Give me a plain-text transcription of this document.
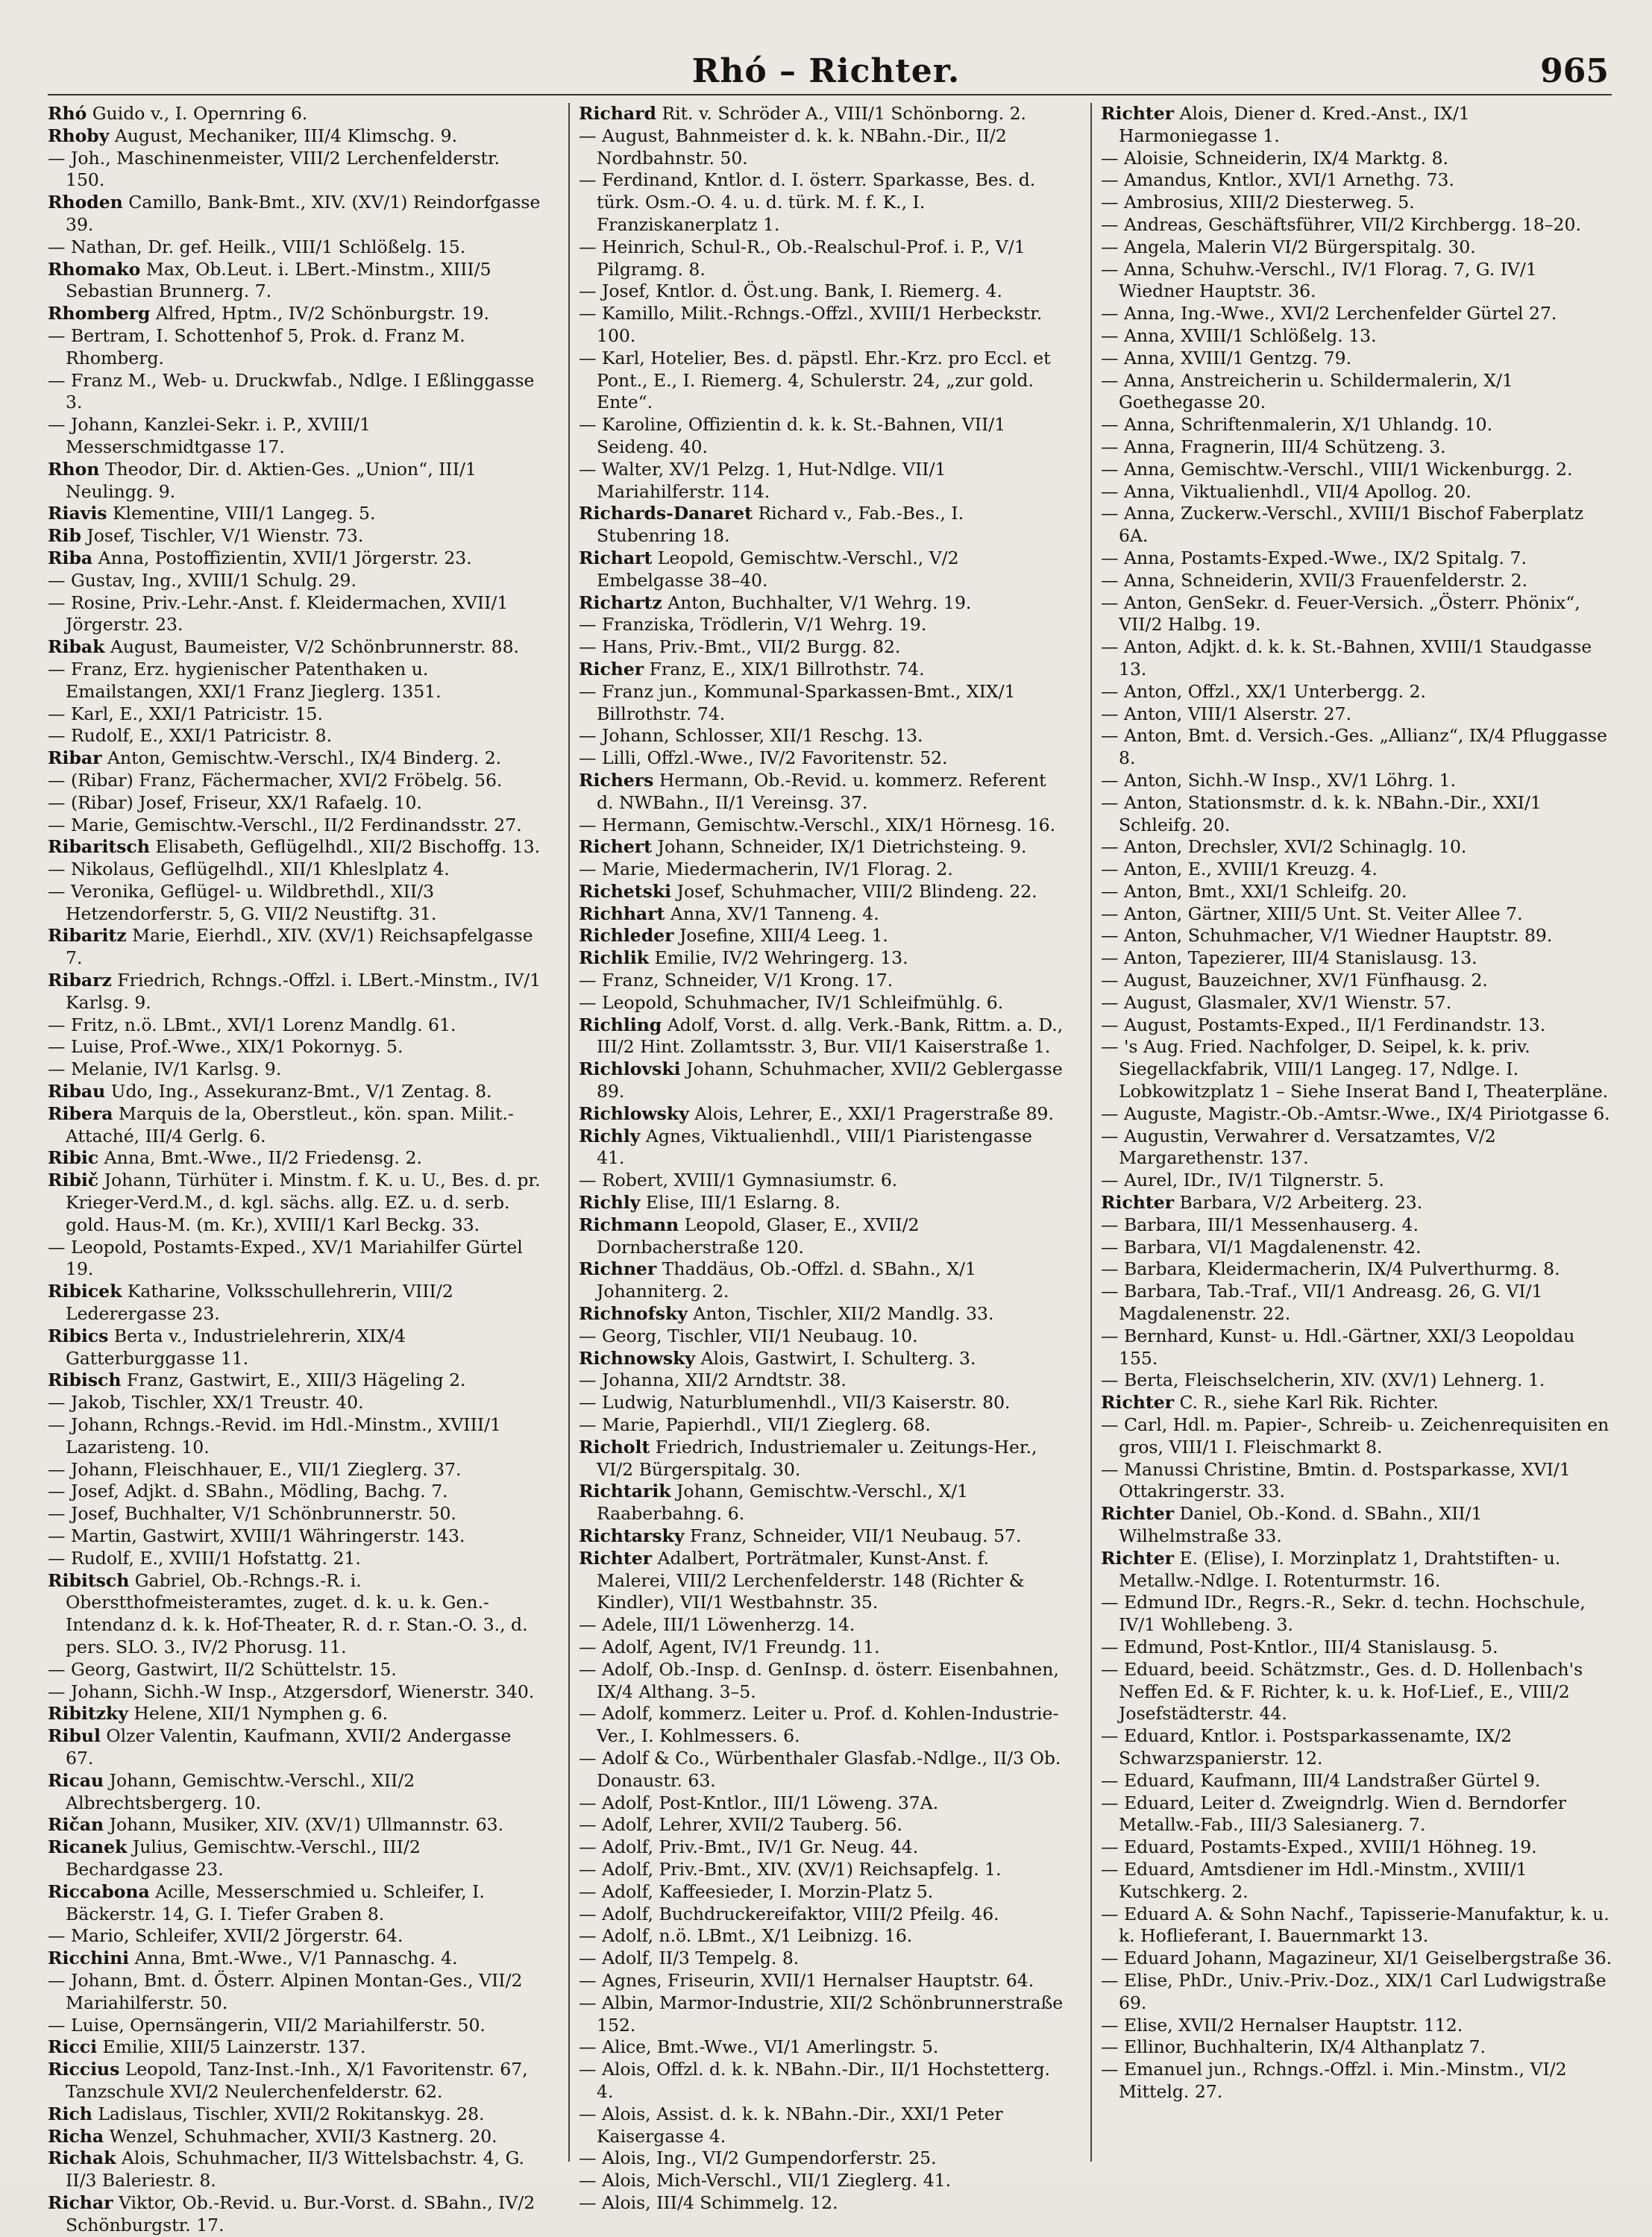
Rhó – Richter.	965

Rhó Guido v., I. Opernring 6.

Rhoby August, Mechaniker, III/4 Klimschg. 9.

— Joh., Maschinenmeister, VIII/2 Lerchenfelderstr. 150.

Rhoden Camillo, Bank-Bmt., XIV. (XV/1) Reindorfgasse 39.

— Nathan, Dr. gef. Heilk., VIII/1 Schlößelg. 15.

Rhomako Max, Ob.Leut. i. LBert.-Minstm., XIII/5 Sebastian Brunnerg. 7.

Rhomberg Alfred, Hptm., IV/2 Schönburgstr. 19.

— Bertram, I. Schottenhof 5, Prok. d. Franz M. Rhomberg.

— Franz M., Web- u. Druckwfab., Ndlge. I Eßlinggasse 3.

— Johann, Kanzlei-Sekr. i. P., XVIII/1 Messerschmidtgasse 17.

Rhon Theodor, Dir. d. Aktien-Ges. „Union“, III/1 Neulingg. 9.

Riavis Klementine, VIII/1 Langeg. 5.

Rib Josef, Tischler, V/1 Wienstr. 73.

Riba Anna, Postoffizientin, XVII/1 Jörgerstr. 23.

— Gustav, Ing., XVIII/1 Schulg. 29.

— Rosine, Priv.-Lehr.-Anst. f. Kleidermachen, XVII/1 Jörgerstr. 23.

Ribak August, Baumeister, V/2 Schönbrunnerstr. 88.

— Franz, Erz. hygienischer Patenthaken u. Emailstangen, XXI/1 Franz Jieglerg. 1351.

— Karl, E., XXI/1 Patricistr. 15.

— Rudolf, E., XXI/1 Patricistr. 8.

Ribar Anton, Gemischtw.-Verschl., IX/4 Binderg. 2.

— (Ribar) Franz, Fächermacher, XVI/2 Fröbelg. 56.

— (Ribar) Josef, Friseur, XX/1 Rafaelg. 10.

— Marie, Gemischtw.-Verschl., II/2 Ferdinandsstr. 27.

Ribaritsch Elisabeth, Geflügelhdl., XII/2 Bischoffg. 13.

— Nikolaus, Geflügelhdl., XII/1 Khleslplatz 4.

— Veronika, Geflügel- u. Wildbrethdl., XII/3 Hetzendorferstr. 5, G. VII/2 Neustiftg. 31.

Ribaritz Marie, Eierhdl., XIV. (XV/1) Reichsapfelgasse 7.

Ribarz Friedrich, Rchngs.-Offzl. i. LBert.-Minstm., IV/1 Karlsg. 9.

— Fritz, n.ö. LBmt., XVI/1 Lorenz Mandlg. 61.

— Luise, Prof.-Wwe., XIX/1 Pokornyg. 5.

— Melanie, IV/1 Karlsg. 9.

Ribau Udo, Ing., Assekuranz-Bmt., V/1 Zentag. 8.

Ribera Marquis de la, Oberstleut., kön. span. Milit.-Attaché, III/4 Gerlg. 6.

Ribic Anna, Bmt.-Wwe., II/2 Friedensg. 2.

Ribič Johann, Türhüter i. Minstm. f. K. u. U., Bes. d. pr. Krieger-Verd.M., d. kgl. sächs. allg. EZ. u. d. serb. gold. Haus-M. (m. Kr.), XVIII/1 Karl Beckg. 33.

— Leopold, Postamts-Exped., XV/1 Mariahilfer Gürtel 19.

Ribicek Katharine, Volksschullehrerin, VIII/2 Lederergasse 23.

Ribics Berta v., Industrielehrerin, XIX/4 Gatterburggasse 11.

Ribisch Franz, Gastwirt, E., XIII/3 Hägeling 2.

— Jakob, Tischler, XX/1 Treustr. 40.

— Johann, Rchngs.-Revid. im Hdl.-Minstm., XVIII/1 Lazaristeng. 10.

— Johann, Fleischhauer, E., VII/1 Zieglerg. 37.

— Josef, Adjkt. d. SBahn., Mödling, Bachg. 7.

— Josef, Buchhalter, V/1 Schönbrunnerstr. 50.

— Martin, Gastwirt, XVIII/1 Währingerstr. 143.

— Rudolf, E., XVIII/1 Hofstattg. 21.

Ribitsch Gabriel, Ob.-Rchngs.-R. i. Oberstthofmeisteramtes, zuget. d. k. u. k. Gen.-Intendanz d. k. k. Hof-Theater, R. d. r. Stan.-O. 3., d. pers. SLO. 3., IV/2 Phorusg. 11.

— Georg, Gastwirt, II/2 Schüttelstr. 15.

— Johann, Sichh.-W Insp., Atzgersdorf, Wienerstr. 340.

Ribitzky Helene, XII/1 Nymphen g. 6.

Ribul Olzer Valentin, Kaufmann, XVII/2 Andergasse 67.

Ricau Johann, Gemischtw.-Verschl., XII/2 Albrechtsbergerg. 10.

Ričan Johann, Musiker, XIV. (XV/1) Ullmannstr. 63.

Ricanek Julius, Gemischtw.-Verschl., III/2 Bechardgasse 23.

Riccabona Acille, Messerschmied u. Schleifer, I. Bäckerstr. 14, G. I. Tiefer Graben 8.

— Mario, Schleifer, XVII/2 Jörgerstr. 64.

Ricchini Anna, Bmt.-Wwe., V/1 Pannaschg. 4.

— Johann, Bmt. d. Österr. Alpinen Montan-Ges., VII/2 Mariahilferstr. 50.

— Luise, Opernsängerin, VII/2 Mariahilferstr. 50.

Ricci Emilie, XIII/5 Lainzerstr. 137.

Riccius Leopold, Tanz-Inst.-Inh., X/1 Favoritenstr. 67, Tanzschule XVI/2 Neulerchenfelderstr. 62.

Rich Ladislaus, Tischler, XVII/2 Rokitanskyg. 28.

Richa Wenzel, Schuhmacher, XVII/3 Kastnerg. 20.

Richak Alois, Schuhmacher, II/3 Wittelsbachstr. 4, G. II/3 Baleriestr. 8.

Richar Viktor, Ob.-Revid. u. Bur.-Vorst. d. SBahn., IV/2 Schönburgstr. 17.

Richard Rit. v. Schröder A., VIII/1 Schönborng. 2.

— August, Bahnmeister d. k. k. NBahn.-Dir., II/2 Nordbahnstr. 50.

— Ferdinand, Kntlor. d. I. österr. Sparkasse, Bes. d. türk. Osm.-O. 4. u. d. türk. M. f. K., I. Franziskanerplatz 1.

— Heinrich, Schul-R., Ob.-Realschul-Prof. i. P., V/1 Pilgramg. 8.

— Josef, Kntlor. d. Öst.ung. Bank, I. Riemerg. 4.

— Kamillo, Milit.-Rchngs.-Offzl., XVIII/1 Herbeckstr. 100.

— Karl, Hotelier, Bes. d. päpstl. Ehr.-Krz. pro Eccl. et Pont., E., I. Riemerg. 4, Schulerstr. 24, „zur gold. Ente“.

— Karoline, Offizientin d. k. k. St.-Bahnen, VII/1 Seideng. 40.

— Walter, XV/1 Pelzg. 1, Hut-Ndlge. VII/1 Mariahilferstr. 114.

Richards-Danaret Richard v., Fab.-Bes., I. Stubenring 18.

Richart Leopold, Gemischtw.-Verschl., V/2 Embelgasse 38–40.

Richartz Anton, Buchhalter, V/1 Wehrg. 19.

— Franziska, Trödlerin, V/1 Wehrg. 19.

— Hans, Priv.-Bmt., VII/2 Burgg. 82.

Richer Franz, E., XIX/1 Billrothstr. 74.

— Franz jun., Kommunal-Sparkassen-Bmt., XIX/1 Billrothstr. 74.

— Johann, Schlosser, XII/1 Reschg. 13.

— Lilli, Offzl.-Wwe., IV/2 Favoritenstr. 52.

Richers Hermann, Ob.-Revid. u. kommerz. Referent d. NWBahn., II/1 Vereinsg. 37.

— Hermann, Gemischtw.-Verschl., XIX/1 Hörnesg. 16.

Richert Johann, Schneider, IX/1 Dietrichsteing. 9.

— Marie, Miedermacherin, IV/1 Florag. 2.

Richetski Josef, Schuhmacher, VIII/2 Blindeng. 22.

Richhart Anna, XV/1 Tanneng. 4.

Richleder Josefine, XIII/4 Leeg. 1.

Richlik Emilie, IV/2 Wehringerg. 13.

— Franz, Schneider, V/1 Krong. 17.

— Leopold, Schuhmacher, IV/1 Schleifmühlg. 6.

Richling Adolf, Vorst. d. allg. Verk.-Bank, Rittm. a. D., III/2 Hint. Zollamtsstr. 3, Bur. VII/1 Kaiserstraße 1.

Richlovski Johann, Schuhmacher, XVII/2 Geblergasse 89.

Richlowsky Alois, Lehrer, E., XXI/1 Pragerstraße 89.

Richly Agnes, Viktualienhdl., VIII/1 Piaristengasse 41.

— Robert, XVIII/1 Gymnasiumstr. 6.

Richly Elise, III/1 Eslarng. 8.

Richmann Leopold, Glaser, E., XVII/2 Dornbacherstraße 120.

Richner Thaddäus, Ob.-Offzl. d. SBahn., X/1 Johanniterg. 2.

Richnofsky Anton, Tischler, XII/2 Mandlg. 33.

— Georg, Tischler, VII/1 Neubaug. 10.

Richnowsky Alois, Gastwirt, I. Schulterg. 3.

— Johanna, XII/2 Arndtstr. 38.

— Ludwig, Naturblumenhdl., VII/3 Kaiserstr. 80.

— Marie, Papierhdl., VII/1 Zieglerg. 68.

Richolt Friedrich, Industriemaler u. Zeitungs-Her., VI/2 Bürgerspitalg. 30.

Richtarik Johann, Gemischtw.-Verschl., X/1 Raaberbahng. 6.

Richtarsky Franz, Schneider, VII/1 Neubaug. 57.

Richter Adalbert, Porträtmaler, Kunst-Anst. f. Malerei, VIII/2 Lerchenfelderstr. 148 (Richter & Kindler), VII/1 Westbahnstr. 35.

— Adele, III/1 Löwenherzg. 14.

— Adolf, Agent, IV/1 Freundg. 11.

— Adolf, Ob.-Insp. d. GenInsp. d. österr. Eisenbahnen, IX/4 Althang. 3–5.

— Adolf, kommerz. Leiter u. Prof. d. Kohlen-Industrie-Ver., I. Kohlmessers. 6.

— Adolf & Co., Würbenthaler Glasfab.-Ndlge., II/3 Ob. Donaustr. 63.

— Adolf, Post-Kntlor., III/1 Löweng. 37A.

— Adolf, Lehrer, XVII/2 Tauberg. 56.

— Adolf, Priv.-Bmt., IV/1 Gr. Neug. 44.

— Adolf, Priv.-Bmt., XIV. (XV/1) Reichsapfelg. 1.

— Adolf, Kaffeesieder, I. Morzin-Platz 5.

— Adolf, Buchdruckereifaktor, VIII/2 Pfeilg. 46.

— Adolf, n.ö. LBmt., X/1 Leibnizg. 16.

— Adolf, II/3 Tempelg. 8.

— Agnes, Friseurin, XVII/1 Hernalser Hauptstr. 64.

— Albin, Marmor-Industrie, XII/2 Schönbrunnerstraße 152.

— Alice, Bmt.-Wwe., VI/1 Amerlingstr. 5.

— Alois, Offzl. d. k. k. NBahn.-Dir., II/1 Hochstetterg. 4.

— Alois, Assist. d. k. k. NBahn.-Dir., XXI/1 Peter Kaisergasse 4.

— Alois, Ing., VI/2 Gumpendorferstr. 25.

— Alois, Mich-Verschl., VII/1 Zieglerg. 41.

— Alois, III/4 Schimmelg. 12.

Richter Alois, Diener d. Kred.-Anst., IX/1 Harmoniegasse 1.

— Aloisie, Schneiderin, IX/4 Marktg. 8.

— Amandus, Kntlor., XVI/1 Arnethg. 73.

— Ambrosius, XIII/2 Diesterweg. 5.

— Andreas, Geschäftsführer, VII/2 Kirchbergg. 18–20.

— Angela, Malerin VI/2 Bürgerspitalg. 30.

— Anna, Schuhw.-Verschl., IV/1 Florag. 7, G. IV/1 Wiedner Hauptstr. 36.

— Anna, Ing.-Wwe., XVI/2 Lerchenfelder Gürtel 27.

— Anna, XVIII/1 Schlößelg. 13.

— Anna, XVIII/1 Gentzg. 79.

— Anna, Anstreicherin u. Schildermalerin, X/1 Goethegasse 20.

— Anna, Schriftenmalerin, X/1 Uhlandg. 10.

— Anna, Fragnerin, III/4 Schützeng. 3.

— Anna, Gemischtw.-Verschl., VIII/1 Wickenburgg. 2.

— Anna, Viktualienhdl., VII/4 Apollog. 20.

— Anna, Zuckerw.-Verschl., XVIII/1 Bischof Faberplatz 6A.

— Anna, Postamts-Exped.-Wwe., IX/2 Spitalg. 7.

— Anna, Schneiderin, XVII/3 Frauenfelderstr. 2.

— Anton, GenSekr. d. Feuer-Versich. „Österr. Phönix“, VII/2 Halbg. 19.

— Anton, Adjkt. d. k. k. St.-Bahnen, XVIII/1 Staudgasse 13.

— Anton, Offzl., XX/1 Unterbergg. 2.

— Anton, VIII/1 Alserstr. 27.

— Anton, Bmt. d. Versich.-Ges. „Allianz“, IX/4 Pfluggasse 8.

— Anton, Sichh.-W Insp., XV/1 Löhrg. 1.

— Anton, Stationsmstr. d. k. k. NBahn.-Dir., XXI/1 Schleifg. 20.

— Anton, Drechsler, XVI/2 Schinaglg. 10.

— Anton, E., XVIII/1 Kreuzg. 4.

— Anton, Bmt., XXI/1 Schleifg. 20.

— Anton, Gärtner, XIII/5 Unt. St. Veiter Allee 7.

— Anton, Schuhmacher, V/1 Wiedner Hauptstr. 89.

— Anton, Tapezierer, III/4 Stanislausg. 13.

— August, Bauzeichner, XV/1 Fünfhausg. 2.

— August, Glasmaler, XV/1 Wienstr. 57.

— August, Postamts-Exped., II/1 Ferdinandstr. 13.

— 's Aug. Fried. Nachfolger, D. Seipel, k. k. priv. Siegellackfabrik, VIII/1 Langeg. 17, Ndlge. I. Lobkowitzplatz 1 – Siehe Inserat Band I, Theaterpläne.

— Auguste, Magistr.-Ob.-Amtsr.-Wwe., IX/4 Piriotgasse 6.

— Augustin, Verwahrer d. Versatzamtes, V/2 Margarethenstr. 137.

— Aurel, IDr., IV/1 Tilgnerstr. 5.

Richter Barbara, V/2 Arbeiterg. 23.

— Barbara, III/1 Messenhauserg. 4.

— Barbara, VI/1 Magdalenenstr. 42.

— Barbara, Kleidermacherin, IX/4 Pulverthurmg. 8.

— Barbara, Tab.-Traf., VII/1 Andreasg. 26, G. VI/1 Magdalenenstr. 22.

— Bernhard, Kunst- u. Hdl.-Gärtner, XXI/3 Leopoldau 155.

— Berta, Fleischselcherin, XIV. (XV/1) Lehnerg. 1.

Richter C. R., siehe Karl Rik. Richter.

— Carl, Hdl. m. Papier-, Schreib- u. Zeichenrequisiten en gros, VIII/1 I. Fleischmarkt 8.

— Manussi Christine, Bmtin. d. Postsparkasse, XVI/1 Ottakringerstr. 33.

Richter Daniel, Ob.-Kond. d. SBahn., XII/1 Wilhelmstraße 33.

Richter E. (Elise), I. Morzinplatz 1, Drahtstiften- u. Metallw.-Ndlge. I. Rotenturmstr. 16.

— Edmund IDr., Regrs.-R., Sekr. d. techn. Hochschule, IV/1 Wohllebeng. 3.

— Edmund, Post-Kntlor., III/4 Stanislausg. 5.

— Eduard, beeid. Schätzmstr., Ges. d. D. Hollenbach's Neffen Ed. & F. Richter, k. u. k. Hof-Lief., E., VIII/2 Josefstädterstr. 44.

— Eduard, Kntlor. i. Postsparkassenamte, IX/2 Schwarzspanierstr. 12.

— Eduard, Kaufmann, III/4 Landstraßer Gürtel 9.

— Eduard, Leiter d. Zweigndrlg. Wien d. Berndorfer Metallw.-Fab., III/3 Salesianerg. 7.

— Eduard, Postamts-Exped., XVIII/1 Höhneg. 19.

— Eduard, Amtsdiener im Hdl.-Minstm., XVIII/1 Kutschkerg. 2.

— Eduard A. & Sohn Nachf., Tapisserie-Manufaktur, k. u. k. Hoflieferant, I. Bauernmarkt 13.

— Eduard Johann, Magazineur, XI/1 Geiselbergstraße 36.

— Elise, PhDr., Univ.-Priv.-Doz., XIX/1 Carl Ludwigstraße 69.

— Elise, XVII/2 Hernalser Hauptstr. 112.

— Ellinor, Buchhalterin, IX/4 Althanplatz 7.

— Emanuel jun., Rchngs.-Offzl. i. Min.-Minstm., VI/2 Mittelg. 27.
